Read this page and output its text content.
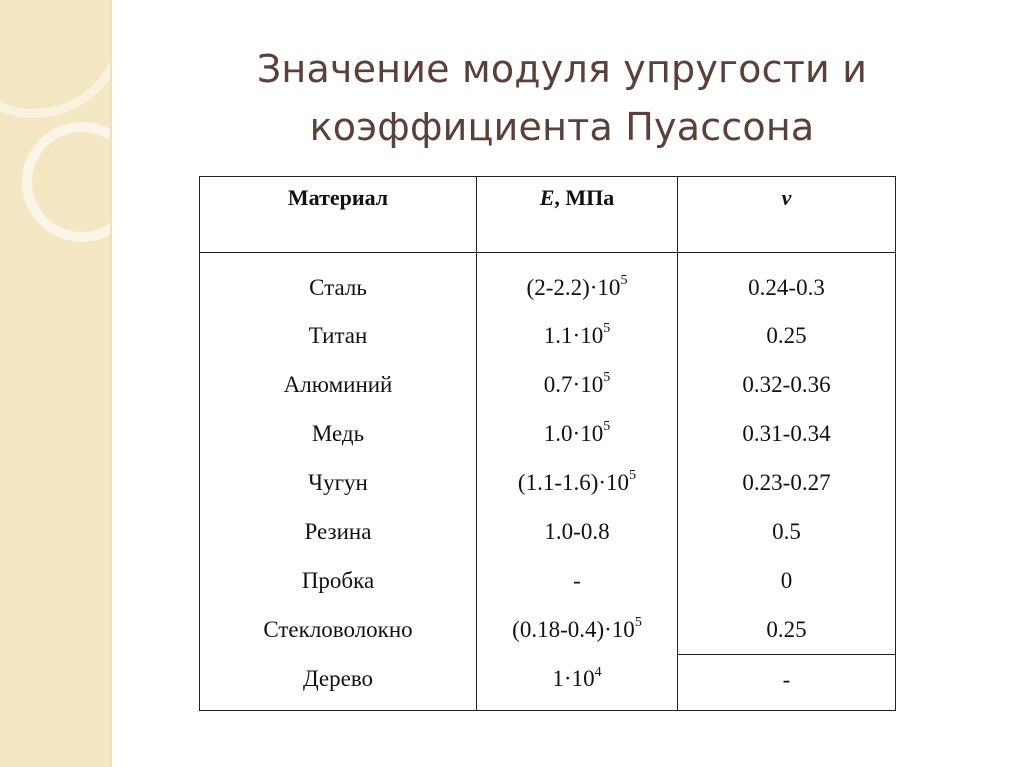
Значение модуля упругости и
коэффициента Пуассона
Материал	E, МПа	ν
Сталь	$(2-2.2)\cdot 10^5$	0.24-0.3
Титан	$1.1\cdot 10^5$	0.25
Алюминий	$0.7\cdot 10^5$	0.32-0.36
Медь	$1.0\cdot 10^5$	0.31-0.34
Чугун	$(1.1-1.6)\cdot 10^5$	0.23-0.27
Резина	1.0-0.8	0.5
Пробка	-	0
Стекловолокно	$(0.18-0.4)\cdot 10^5$	0.25
Дерево	$1\cdot 10^4$	-
